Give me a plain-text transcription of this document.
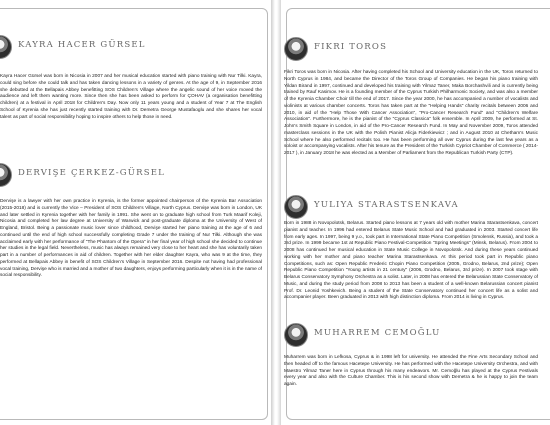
KAYRA HACER GÜRSEL

Kayra Hacer Gürsel was born in Nicosia in 2007 and her musical education started with piano training with Nur Tilki. Kayra, could sing before she could talk and has taken dancing lessons in a variety of genres. At the age of 9, in September 2016 she debutted at the Bellapais Abbey benefitting SOS Children's Village where the angelic sound of her voice moved the audience and left them wanting more. Since then she has been asked to perform for ÇOHAV (a organisation benefitting children) at a festival in April 2018 for Children's Day. Now only 11 years young and a student of Year 7 at The English School of Kyrenia she has just recently started training with Dr. Demetra George Mustafaoglu and she shares her vocal talent as part of social responsibility hoping to inspire others to help those in need.

DERVIŞE ÇERKEZ-GÜRSEL

Dervişe is a lawyer with her own practice in Kyrenia, is the former appointed chairperson of the Kyrenia Bar Association (2015-2018) and is currently the Vice – President of SOS Children's Village, North Cyprus. Dervişe was born in London, UK and later settled in Kyrenia together with her family in 1991. She went on to graduate high school from Turk Maarif Koleji, Nicosia and completed her law degree at University of Warwick and post-graduate diploma at the University of West of England, Bristol. Being a passionate music lover since childhood, Dervişe started her piano training at the age of 6 and continued until the end of high school successfully completing Grade 7 under the training of Nur Tilki. Although she was acclaimed early with her performance of "The Phantom of the Opera" in her final year of high school she decided to continue her studies in the legal field. Nevertheless, music has always remained very close to her heart and she has voluntarily taken part in a number of performances in aid of children. Together with her elder daughter Kayra, who was 9 at the time, they performed at Bellapais Abbey in benefit of SOS Children's Village in September 2016. Despite not having had professional vocal training, Dervişe who is married and a mother of two daughters, enjoys performing particularly when it is in the name of social responsibility.

FIKRI TOROS

Fikri Toros was born in Nicosia. After having completed his School and University education in the UK, Toros returned to North Cyprus in 1984, and became the Director of the Toros Group of Companies. He began his piano training with Yildan Birand in 1997, continued and developed his training with Yilmaz Taner, Maka Borchashvili and is currently being trained by Rauf Kasimov. He is a founding member of the Cyprus Turkish Philharmonic Society, and was also a member of the Kyrenia Chamber Choir till the end of 2017. Since the year 2000, he has accompanied a number of vocalists and violinists at various chamber concerts. Toros has taken part at the "Helping Hands" charity recitals between 2006 and 2010, in aid of the "Help Those With Cancer Association", "Pro-Cancer Research Fund" and "Children's Welfare Association". Furthermore, he is the pianist of the "Cyprus Classica" folk ensemble. In April 2009, he performed at St. John's Smith Square in London, in aid of the Pro-Cancer Research Fund. In May and November 2009, Toros attended masterclass sessions in the UK with the Polish Pianist Alicja Fiderkiewicz ; and in August 2010 at Chetham's Music School where he also performed recitals too. He has been performing all over Cyprus during the last few years as a soloist or accompanying vocalists. After his tenure as the President of the Turkish Cypriot Chamber of Commerce ( 2014-2017 ), in January 2018 he was elected as a Member of Parliament from the Republican Turkish Party (CTP).

YULIYA STARASTSENKAVA

Born in 1988 in Novopolotsk, Belarus. Started piano lessons at 7 years old with mother Marina Starastsenkava, concert pianist and teacher. In 1996 had entered Belarus State Music School and had graduated in 2003. Started concert life from early ages. In 1997, being 9 y.o., took part in International State Piano Competition (Smolensk, Russia), and took a 3rd prize. In 1999 became 1st at Republic Piano Festival-Competition "Spring Meetings" (Minsk, Belarus). From 2004 to 2008 has continued her musical education in State Music College in Novopolotsk. And during these years continued working with her mother and piano teacher Marina Starastsenkava. At this period took part in Republic piano Competitions, such as: Open Republic Frederic Chopin Piano Competition (2005, Grodno, Belarus, 2nd prize); Open Republic Piano Competition "Young artists in 21 century" (2006, Grodno, Belarus, 3rd prize). In 2007 took stage with Belarus Conservatory Symphony Orchestra as a solist. Later, in 2008 has entered the Belarussian State Conservatory of Music, and during the study period from 2008 to 2013 has been a student of a well-known Belarussian concert pianist Prof. Dr. Leonid Yoshkevich. Being a student of the State Conservatory continued her concert life as a solist and accompanier player. Been graduated in 2013 with high distinction diploma. From 2014 is living in Cyprus.

MUHARREM CEMOĞLU

Muharrem was born in Lefkosa, Cyprus & in 1998 left for university. He attended the Fine Arts Secondary School and then headed off to the famous Hacetepe University. He has performed with the Hacetepe University Orchestra, and with Maestro Yilmaz Taner here in Cyprus through his many endeavors. Mr. Cemoğlu has played at the Cyprus Festivals every year and also with the Culture Chamber. This is his second show with Demetra & he is happy to join the team again.
